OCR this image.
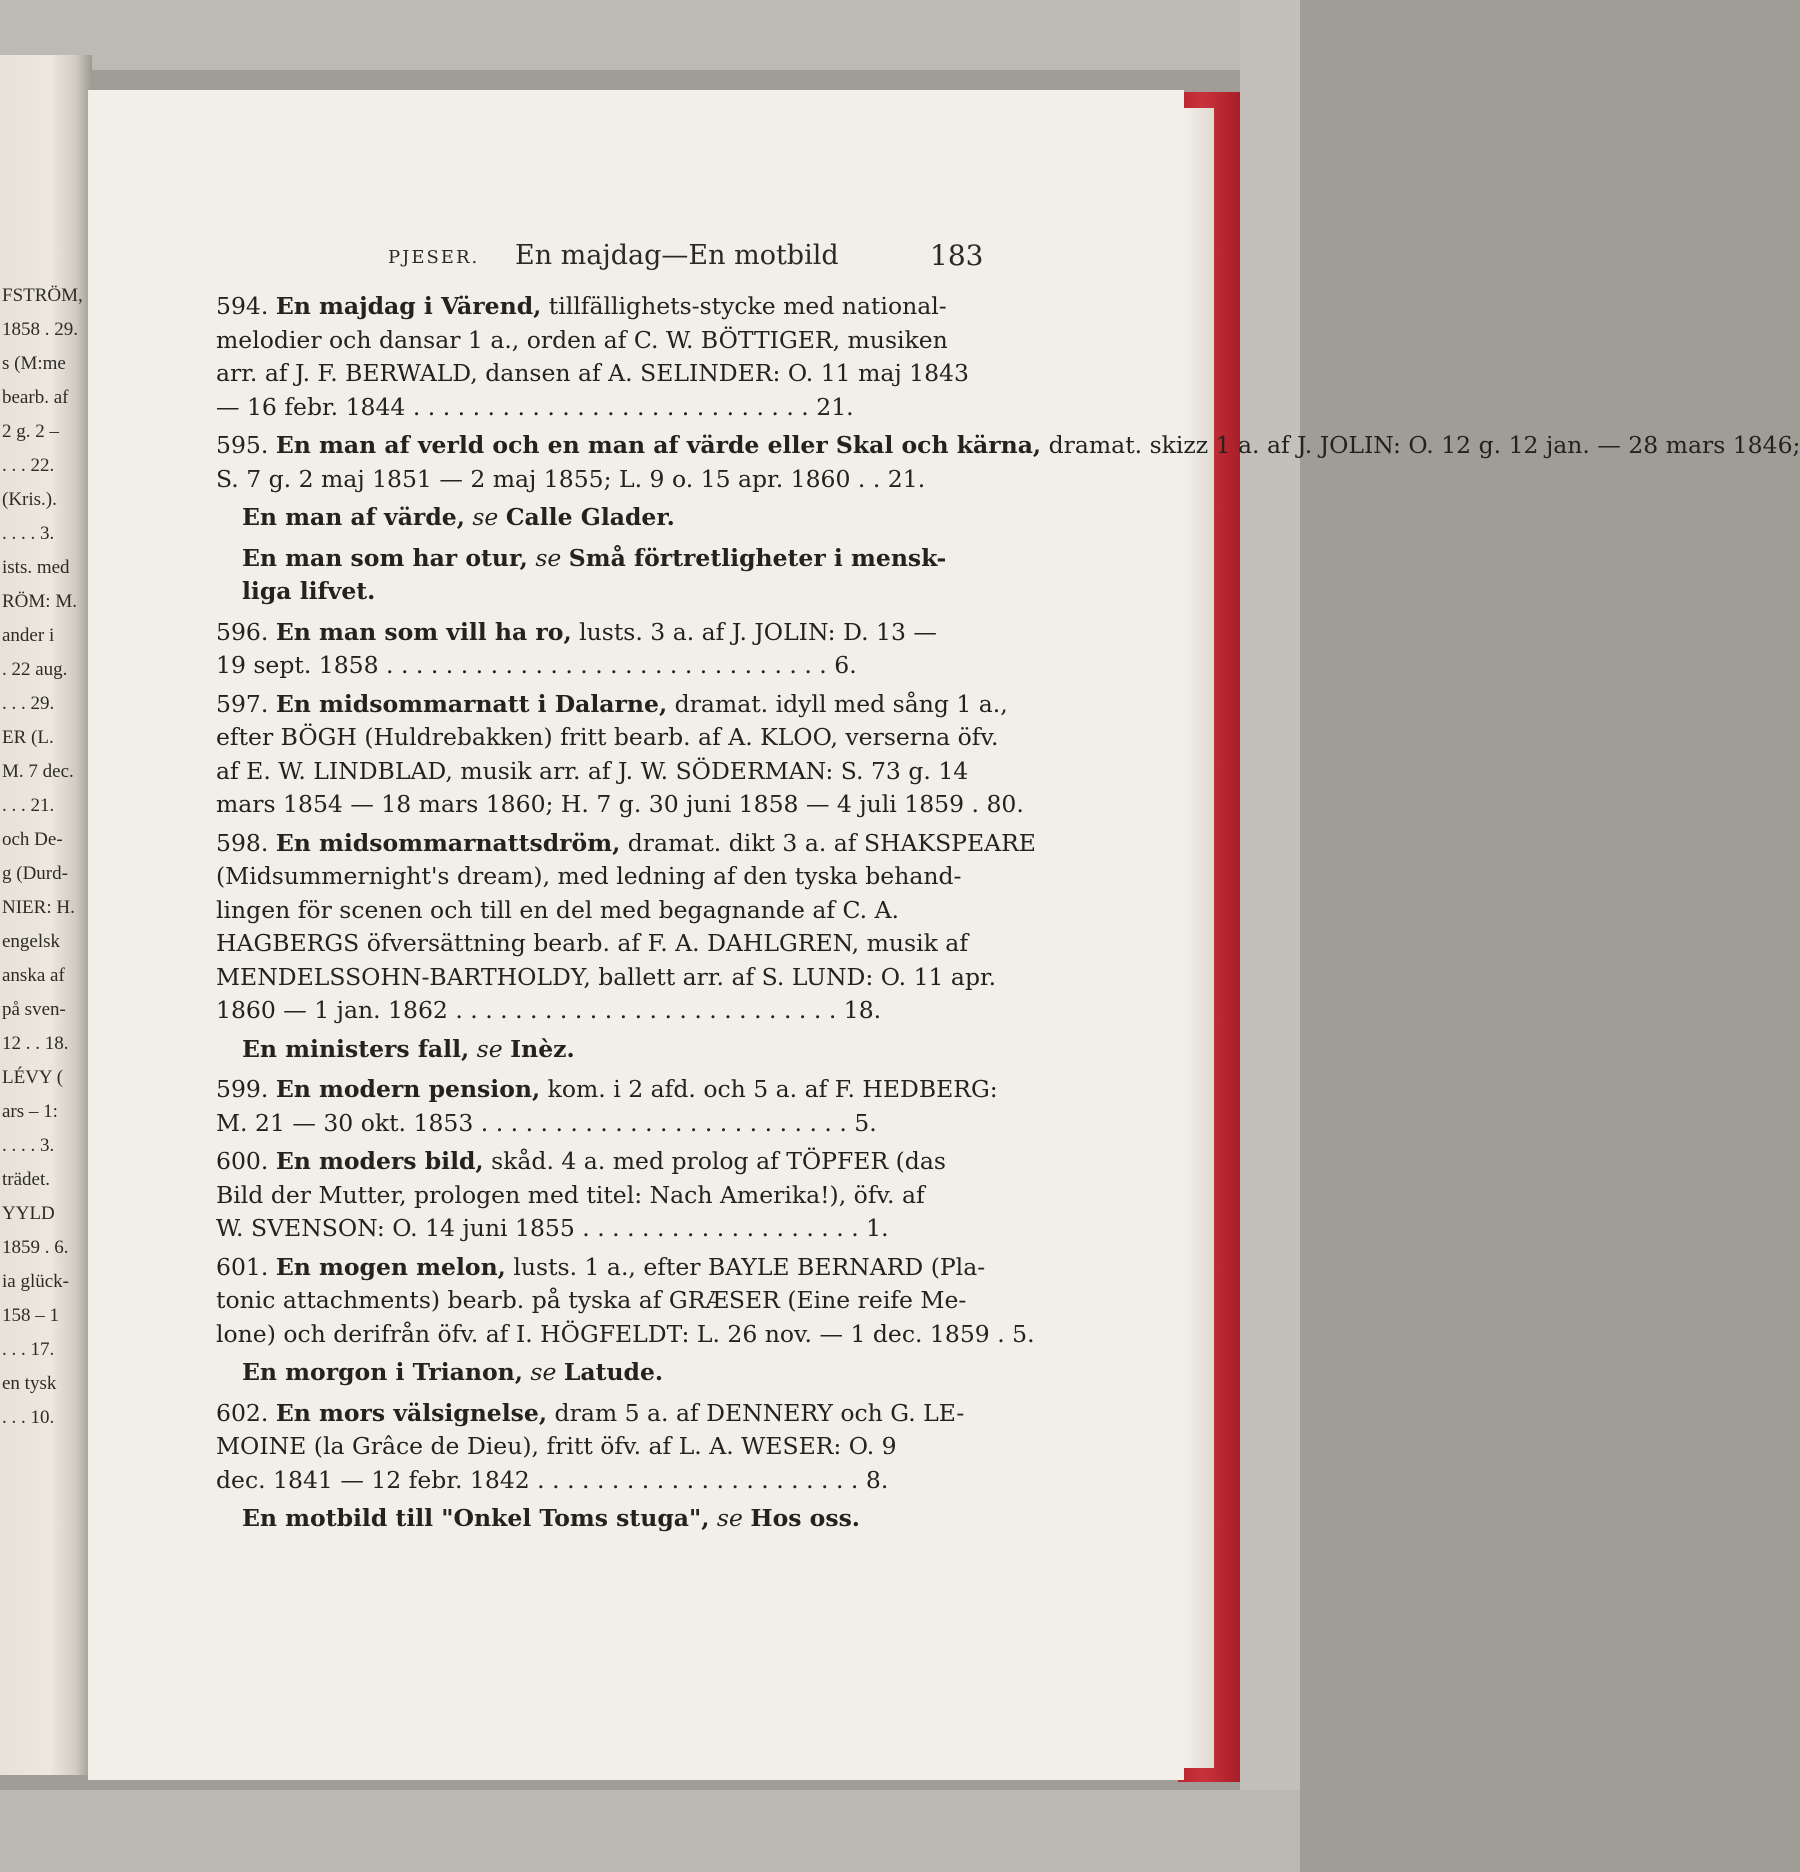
FSTRÖM,
1858 . 29.
s (M:me
bearb. af
2 g. 2 –
. . . 22.
(Kris.).
. . . . 3.
ists. med
RÖM: M.
ander i
. 22 aug.
. . . 29.
ER (L.
M. 7 dec.
. . . 21.
och De-
g (Durd-
NIER: H.
engelsk
anska af
på sven-
12 . . 18.
LÉVY (
ars – 1:
. . . . 3.
trädet.
YYLD
1859 . 6.
ia glück-
158 – 1
. . . 17.
en tysk
. . . 10.
PJESER. En majdag—En motbild	183

594. En majdag i Värend, tillfällighets-stycke med national-

melodier och dansar 1 a., orden af C. W. BÖTTIGER, musiken

arr. af J. F. BERWALD, dansen af A. SELINDER: O. 11 maj 1843

— 16 febr. 1844 . . . . . . . . . . . . . . . . . . . . . . . . . . . 21.

595. En man af verld och en man af värde eller Skal och kärna, dramat. skizz 1 a. af J. JOLIN: O. 12 g. 12 jan. — 28 mars 1846;

S. 7 g. 2 maj 1851 — 2 maj 1855; L. 9 o. 15 apr. 1860 . . 21.

En man af värde, se Calle Glader.

En man som har otur, se Små förtretligheter i mensk-

liga lifvet.

596. En man som vill ha ro, lusts. 3 a. af J. JOLIN: D. 13 —

19 sept. 1858 . . . . . . . . . . . . . . . . . . . . . . . . . . . . . . 6.

597. En midsommarnatt i Dalarne, dramat. idyll med sång 1 a.,

efter BÖGH (Huldrebakken) fritt bearb. af A. KLOO, verserna öfv.

af E. W. LINDBLAD, musik arr. af J. W. SÖDERMAN: S. 73 g. 14

mars 1854 — 18 mars 1860; H. 7 g. 30 juni 1858 — 4 juli 1859 . 80.

598. En midsommarnattsdröm, dramat. dikt 3 a. af SHAKSPEARE

(Midsummernight's dream), med ledning af den tyska behand-

lingen för scenen och till en del med begagnande af C. A.

HAGBERGS öfversättning bearb. af F. A. DAHLGREN, musik af

MENDELSSOHN-BARTHOLDY, ballett arr. af S. LUND: O. 11 apr.

1860 — 1 jan. 1862 . . . . . . . . . . . . . . . . . . . . . . . . . . 18.

En ministers fall, se Inèz.

599. En modern pension, kom. i 2 afd. och 5 a. af F. HEDBERG:

M. 21 — 30 okt. 1853 . . . . . . . . . . . . . . . . . . . . . . . . . 5.

600. En moders bild, skåd. 4 a. med prolog af TÖPFER (das

Bild der Mutter, prologen med titel: Nach Amerika!), öfv. af

W. SVENSON: O. 14 juni 1855 . . . . . . . . . . . . . . . . . . . 1.

601. En mogen melon, lusts. 1 a., efter BAYLE BERNARD (Pla-

tonic attachments) bearb. på tyska af GRÆSER (Eine reife Me-

lone) och derifrån öfv. af I. HÖGFELDT: L. 26 nov. — 1 dec. 1859 . 5.

En morgon i Trianon, se Latude.

602. En mors välsignelse, dram 5 a. af DENNERY och G. LE-

MOINE (la Grâce de Dieu), fritt öfv. af L. A. WESER: O. 9

dec. 1841 — 12 febr. 1842 . . . . . . . . . . . . . . . . . . . . . . 8.

En motbild till "Onkel Toms stuga", se Hos oss.
